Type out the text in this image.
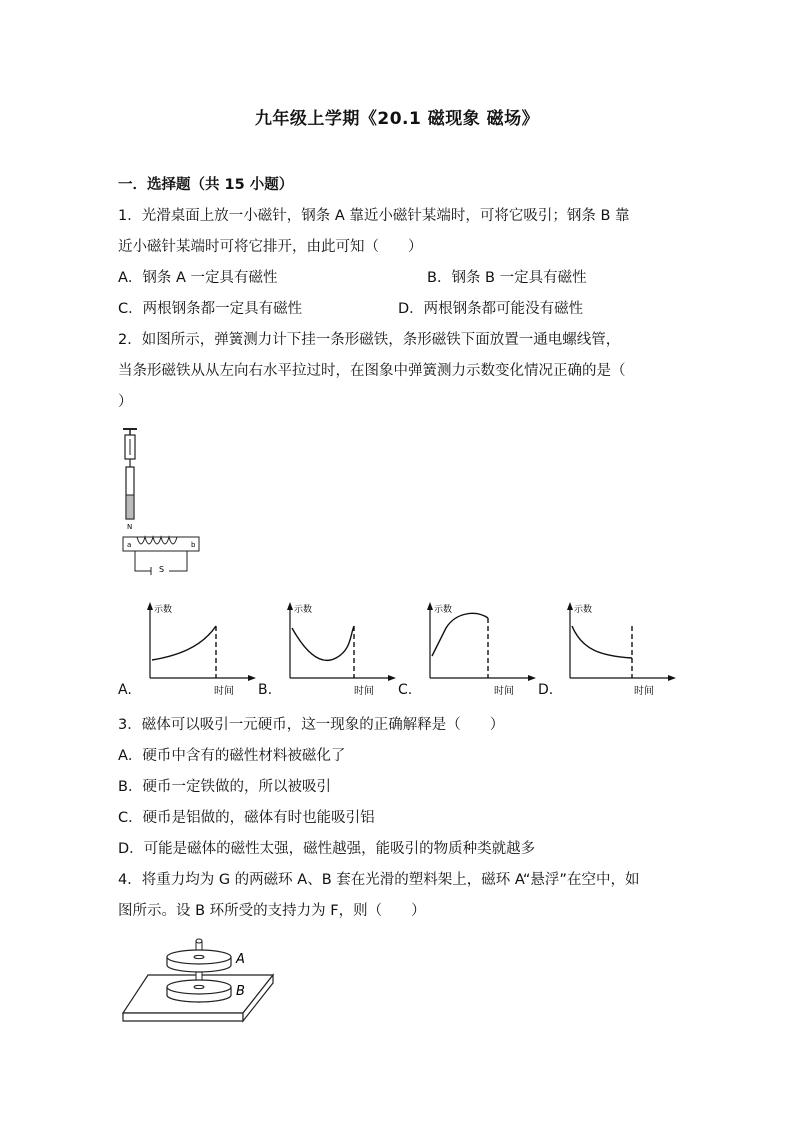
九年级上学期《20.1 磁现象 磁场》
一．选择题（共 15 小题）
1．光滑桌面上放一小磁针，钢条 A 靠近小磁针某端时，可将它吸引；钢条 B 靠
近小磁针某端时可将它排开，由此可知（　　）
A．钢条 A 一定具有磁性	B．钢条 B 一定具有磁性
C．两根钢条都一定具有磁性	D．两根钢条都可能没有磁性
2．如图所示，弹簧测力计下挂一条形磁铁，条形磁铁下面放置一通电螺线管，
当条形磁铁从从左向右水平拉过时，在图象中弹簧测力示数变化情况正确的是（
）
N
a	b
S
A.
示数
时间 B.
示数
时间 C.
示数
时间 D.
示数
时间
3．磁体可以吸引一元硬币，这一现象的正确解释是（　　）
A．硬币中含有的磁性材料被磁化了
B．硬币一定铁做的，所以被吸引
C．硬币是铝做的，磁体有时也能吸引铝
D．可能是磁体的磁性太强，磁性越强，能吸引的物质种类就越多
4．将重力均为 G 的两磁环 A、B 套在光滑的塑料架上，磁环 A“悬浮”在空中，如
图所示。设 B 环所受的支持力为 F，则（　　）
A
B
